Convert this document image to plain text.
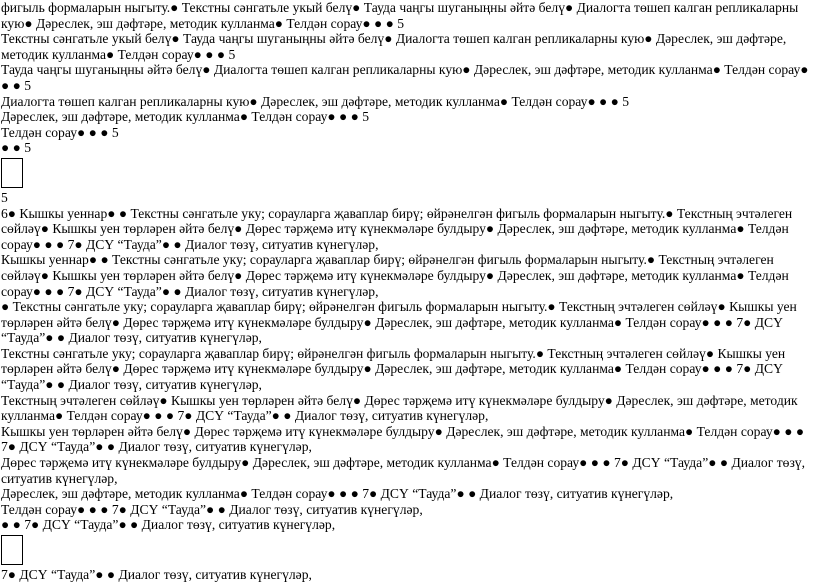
фигыль формаларын ныгыту.● Текстны сәнгатьле укый белү● Тауда чаңгы шуганыңны әйтә белү● Диалогта төшеп калган репликаларны кую● Дәреслек, эш дәфтәре, методик кулланма● Телдән сорау● ● ● 5
Текстны сәнгатьле укый белү● Тауда чаңгы шуганыңны әйтә белү● Диалогта төшеп калган репликаларны кую● Дәреслек, эш дәфтәре, методик кулланма● Телдән сорау● ● ● 5
Тауда чаңгы шуганыңны әйтә белү● Диалогта төшеп калган репликаларны кую● Дәреслек, эш дәфтәре, методик кулланма● Телдән сорау● ● ● 5
Диалогта төшеп калган репликаларны кую● Дәреслек, эш дәфтәре, методик кулланма● Телдән сорау● ● ● 5
Дәреслек, эш дәфтәре, методик кулланма● Телдән сорау● ● ● 5
Телдән сорау● ● ● 5
● ● 5
5
6● Кышкы уеннар● ● Текстны сәнгатьле уку; сорауларга җаваплар бирү; өйрәнелгән фигыль формаларын ныгыту.● Текстның эчтәлеген сөйләү● Кышкы уен төрләрен әйтә белү● Дөрес тәрҗемә итү күнекмәләре булдыру● Дәреслек, эш дәфтәре, методик кулланма● Телдән сорау● ● ● 7● ДСҮ “Тауда”● ● Диалог төзү, ситуатив күнегүләр,
Кышкы уеннар● ● Текстны сәнгатьле уку; сорауларга җаваплар бирү; өйрәнелгән фигыль формаларын ныгыту.● Текстның эчтәлеген сөйләү● Кышкы уен төрләрен әйтә белү● Дөрес тәрҗемә итү күнекмәләре булдыру● Дәреслек, эш дәфтәре, методик кулланма● Телдән сорау● ● ● 7● ДСҮ “Тауда”● ● Диалог төзү, ситуатив күнегүләр,
● Текстны сәнгатьле уку; сорауларга җаваплар бирү; өйрәнелгән фигыль формаларын ныгыту.● Текстның эчтәлеген сөйләү● Кышкы уен төрләрен әйтә белү● Дөрес тәрҗемә итү күнекмәләре булдыру● Дәреслек, эш дәфтәре, методик кулланма● Телдән сорау● ● ● 7● ДСҮ “Тауда”● ● Диалог төзү, ситуатив күнегүләр,
Текстны сәнгатьле уку; сорауларга җаваплар бирү; өйрәнелгән фигыль формаларын ныгыту.● Текстның эчтәлеген сөйләү● Кышкы уен төрләрен әйтә белү● Дөрес тәрҗемә итү күнекмәләре булдыру● Дәреслек, эш дәфтәре, методик кулланма● Телдән сорау● ● ● 7● ДСҮ “Тауда”● ● Диалог төзү, ситуатив күнегүләр,
Текстның эчтәлеген сөйләү● Кышкы уен төрләрен әйтә белү● Дөрес тәрҗемә итү күнекмәләре булдыру● Дәреслек, эш дәфтәре, методик кулланма● Телдән сорау● ● ● 7● ДСҮ “Тауда”● ● Диалог төзү, ситуатив күнегүләр,
Кышкы уен төрләрен әйтә белү● Дөрес тәрҗемә итү күнекмәләре булдыру● Дәреслек, эш дәфтәре, методик кулланма● Телдән сорау● ● ● 7● ДСҮ “Тауда”● ● Диалог төзү, ситуатив күнегүләр,
Дөрес тәрҗемә итү күнекмәләре булдыру● Дәреслек, эш дәфтәре, методик кулланма● Телдән сорау● ● ● 7● ДСҮ “Тауда”● ● Диалог төзү, ситуатив күнегүләр,
Дәреслек, эш дәфтәре, методик кулланма● Телдән сорау● ● ● 7● ДСҮ “Тауда”● ● Диалог төзү, ситуатив күнегүләр,
Телдән сорау● ● ● 7● ДСҮ “Тауда”● ● Диалог төзү, ситуатив күнегүләр,
● ● 7● ДСҮ “Тауда”● ● Диалог төзү, ситуатив күнегүләр,
7● ДСҮ “Тауда”● ● Диалог төзү, ситуатив күнегүләр,
